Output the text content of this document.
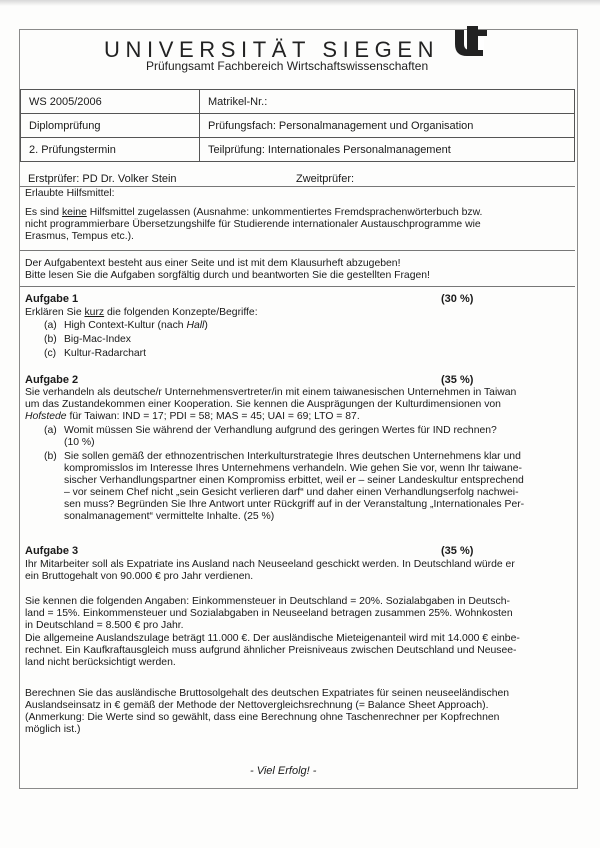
UNIVERSITÄT SIEGEN
Prüfungsamt Fachbereich Wirtschaftswissenschaften
WS 2005/2006	Matrikel-Nr.:
Diplomprüfung	Prüfungsfach: Personalmanagement und Organisation
2. Prüfungstermin	Teilprüfung: Internationales Personalmanagement
Erstprüfer: PD Dr. Volker Stein	Zweitprüfer:
Erlaubte Hilfsmittel:
Es sind keine Hilfsmittel zugelassen (Ausnahme: unkommentiertes Fremdsprachenwörterbuch bzw.
nicht programmierbare Übersetzungshilfe für Studierende internationaler Austauschprogramme wie
Erasmus, Tempus etc.).
Der Aufgabentext besteht aus einer Seite und ist mit dem Klausurheft abzugeben!
Bitte lesen Sie die Aufgaben sorgfältig durch und beantworten Sie die gestellten Fragen!
Aufgabe 1	(30 %)
Erklären Sie kurz die folgenden Konzepte/Begriffe:
(a) High Context-Kultur (nach Hall)
(b) Big-Mac-Index
(c) Kultur-Radarchart
Aufgabe 2	(35 %)
Sie verhandeln als deutsche/r Unternehmensvertreter/in mit einem taiwanesischen Unternehmen in Taiwan
um das Zustandekommen einer Kooperation. Sie kennen die Ausprägungen der Kulturdimensionen von
Hofstede für Taiwan: IND = 17; PDI = 58; MAS = 45; UAI = 69; LTO = 87.
(a) Womit müssen Sie während der Verhandlung aufgrund des geringen Wertes für IND rechnen?
(10 %)
(b) Sie sollen gemäß der ethnozentrischen Interkulturstrategie Ihres deutschen Unternehmens klar und
kompromisslos im Interesse Ihres Unternehmens verhandeln. Wie gehen Sie vor, wenn Ihr taiwane-
sischer Verhandlungspartner einen Kompromiss erbittet, weil er – seiner Landeskultur entsprechend
– vor seinem Chef nicht „sein Gesicht verlieren darf“ und daher einen Verhandlungserfolg nachwei-
sen muss? Begründen Sie Ihre Antwort unter Rückgriff auf in der Veranstaltung „Internationales Per-
sonalmanagement“ vermittelte Inhalte. (25 %)
Aufgabe 3	(35 %)
Ihr Mitarbeiter soll als Expatriate ins Ausland nach Neuseeland geschickt werden. In Deutschland würde er
ein Bruttogehalt von 90.000 € pro Jahr verdienen.
Sie kennen die folgenden Angaben: Einkommensteuer in Deutschland = 20%. Sozialabgaben in Deutsch-
land = 15%. Einkommensteuer und Sozialabgaben in Neuseeland betragen zusammen 25%. Wohnkosten
in Deutschland = 8.500 € pro Jahr.
Die allgemeine Auslandszulage beträgt 11.000 €. Der ausländische Mieteigenanteil wird mit 14.000 € einbe-
rechnet. Ein Kaufkraftausgleich muss aufgrund ähnlicher Preisniveaus zwischen Deutschland und Neusee-
land nicht berücksichtigt werden.
Berechnen Sie das ausländische Bruttosolgehalt des deutschen Expatriates für seinen neuseeländischen
Auslandseinsatz in € gemäß der Methode der Nettovergleichsrechnung (= Balance Sheet Approach).
(Anmerkung: Die Werte sind so gewählt, dass eine Berechnung ohne Taschenrechner per Kopfrechnen
möglich ist.)
- Viel Erfolg! -
